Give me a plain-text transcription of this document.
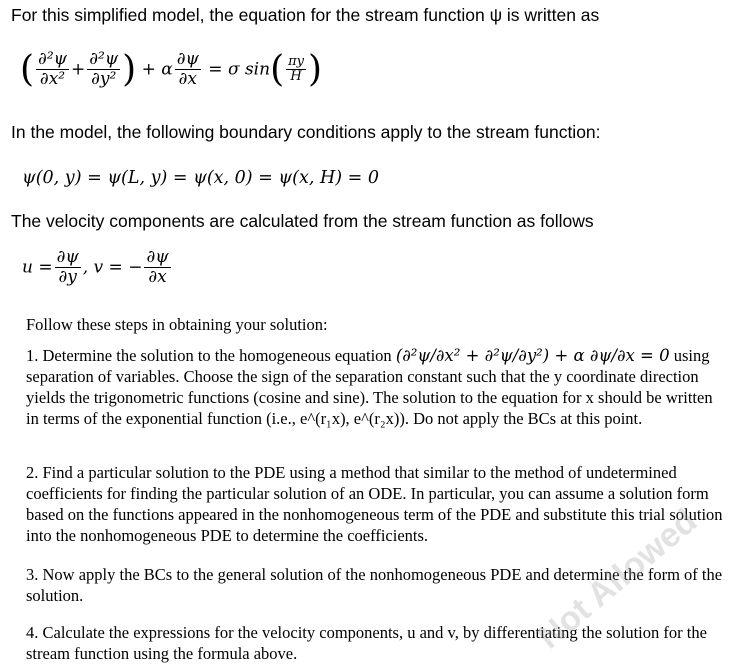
For this simplified model, the equation for the stream function ψ is written as
( $\frac{\text{∂²ψ}}{\text{∂x²}} + \frac{\text{∂²ψ}}{\text{∂y²}}$ ) + α $\frac{\partial\psi}{\partial x} = \sigma$ $\sin( \frac{\pi y}{H}$ )
In the model, the following boundary conditions apply to the stream function:
ψ(0, y) = ψ(L, y) = ψ(x, 0) = ψ(x, H) = 0
The velocity components are calculated from the stream function as follows
$u = \frac{\partial\psi}{\partial y}$ , v = − $\frac{\partial\psi}{\partial x}$
Follow these steps in obtaining your solution:
1. Determine the solution to the homogeneous equation (∂²ψ/∂x² + ∂²ψ/∂y²) + α ∂ψ/∂x = 0 using separation of variables. Choose the sign of the separation constant such that the y coordinate direction yields the trigonometric functions (cosine and sine). The solution to the equation for x should be written in terms of the exponential function (i.e., e^(r₁x), e^(r₂x)). Do not apply the BCs at this point.
2. Find a particular solution to the PDE using a method that similar to the method of undetermined coefficients for finding the particular solution of an ODE. In particular, you can assume a solution form based on the functions appeared in the nonhomogeneous term of the PDE and substitute this trial solution into the nonhomogeneous PDE to determine the coefficients.
3. Now apply the BCs to the general solution of the nonhomogeneous PDE and determine the form of the solution.
4. Calculate the expressions for the velocity components, u and v, by differentiating the solution for the stream function using the formula above.	Not Allowed
